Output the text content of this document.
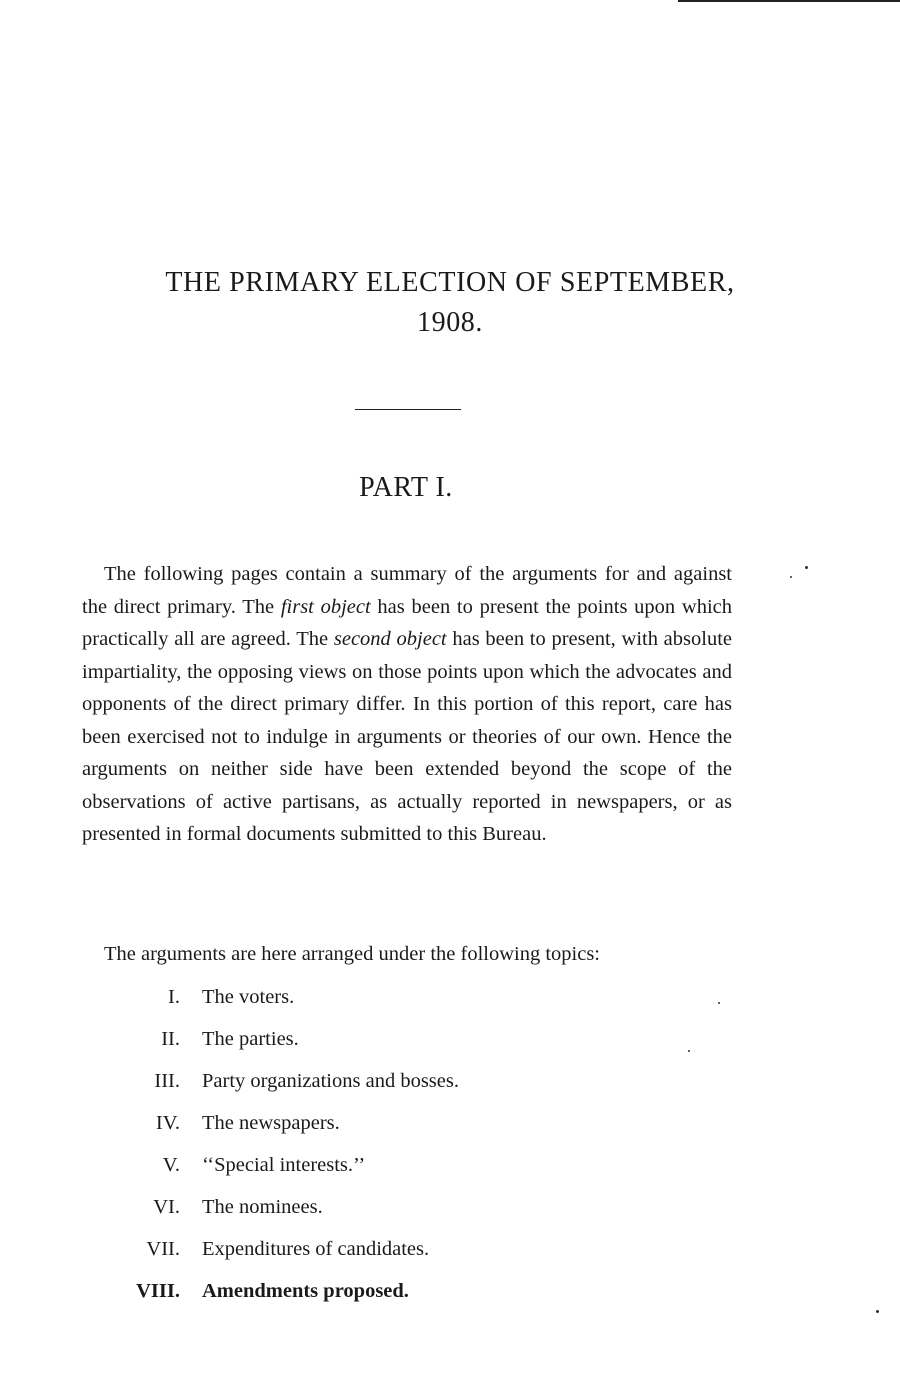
THE PRIMARY ELECTION OF SEPTEMBER,
1908.
PART I.

The following pages contain a summary of the arguments for and against the direct primary. The first object has been to present the points upon which practically all are agreed. The second object has been to present, with absolute impartiality, the opposing views on those points upon which the advocates and opponents of the direct primary differ. In this portion of this report, care has been exercised not to indulge in arguments or theories of our own. Hence the arguments on neither side have been extended beyond the scope of the observations of active partisans, as actually reported in newspapers, or as presented in formal documents submitted to this Bureau.

The arguments are here arranged under the following topics:

I.	The voters.
II.	The parties.
III.	Party organizations and bosses.
IV.	The newspapers.
V.	‘‘Special interests.’’
VI.	The nominees.
VII.	Expenditures of candidates.
VIII.	Amendments proposed.
